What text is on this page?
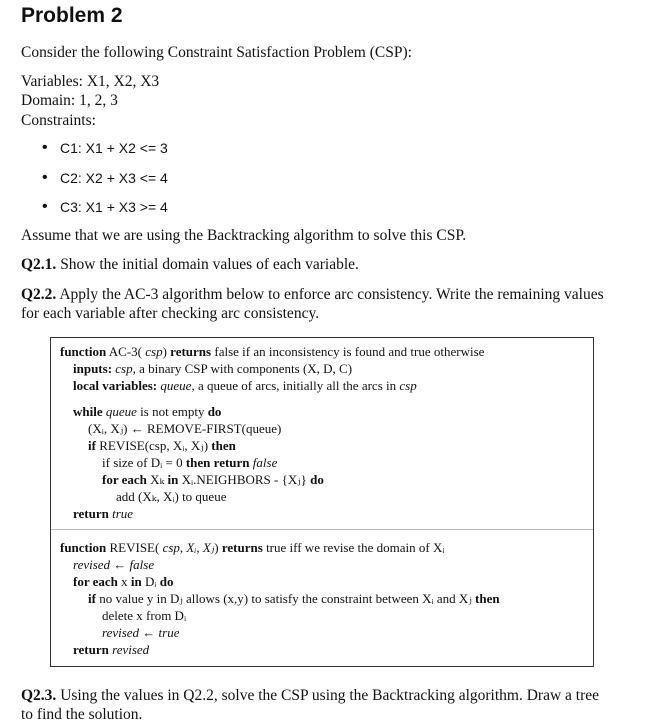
Problem 2
Consider the following Constraint Satisfaction Problem (CSP):
Variables: X1, X2, X3
Domain: 1, 2, 3
Constraints:
• C1: X1 + X2 <= 3
• C2: X2 + X3 <= 4
• C3: X1 + X3 >= 4
Assume that we are using the Backtracking algorithm to solve this CSP.
Q2.1. Show the initial domain values of each variable.
Q2.2. Apply the AC-3 algorithm below to enforce arc consistency. Write the remaining values
for each variable after checking arc consistency.
function AC-3( csp) returns false if an inconsistency is found and true otherwise
inputs: csp, a binary CSP with components (X, D, C)
local variables: queue, a queue of arcs, initially all the arcs in csp
while queue is not empty do
(Xᵢ, Xⱼ) ← REMOVE-FIRST(queue)
if REVISE(csp, Xᵢ, Xⱼ) then
if size of Dᵢ = 0 then return false
for each Xₖ in Xᵢ.NEIGHBORS - {Xⱼ} do
add (Xₖ, Xᵢ) to queue
return true
function REVISE( csp, Xᵢ, Xⱼ) returns true iff we revise the domain of Xᵢ
revised ← false
for each x in Dᵢ do
if no value y in Dⱼ allows (x,y) to satisfy the constraint between Xᵢ and Xⱼ then
delete x from Dᵢ
revised ← true
return revised
Q2.3. Using the values in Q2.2, solve the CSP using the Backtracking algorithm. Draw a tree
to find the solution.
